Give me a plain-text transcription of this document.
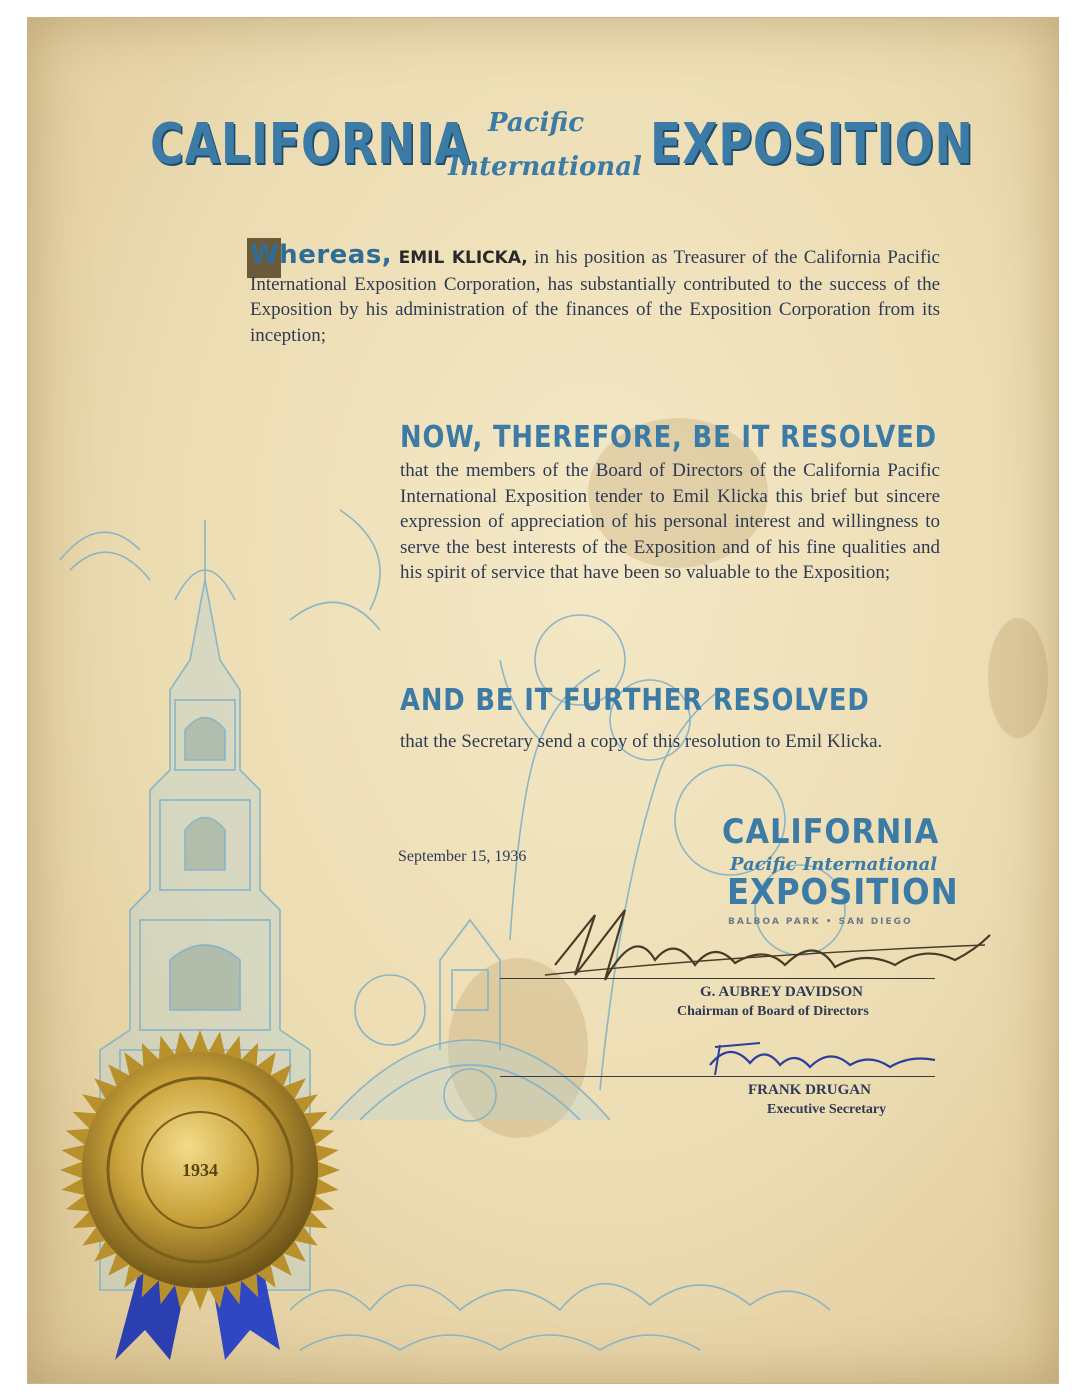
CALIFORNIA Pacific
International EXPOSITION
Whereas, EMIL KLICKA, in his position as Treasurer of the California Pacific International Exposition Corporation, has substantially contributed to the success of the Exposition by his administration of the finances of the Exposition Corporation from its inception;
NOW, THEREFORE, BE IT RESOLVED
that the members of the Board of Directors of the California Pacific International Exposition tender to Emil Klicka this brief but sincere expression of appreciation of his personal interest and willingness to serve the best interests of the Exposition and of his fine qualities and his spirit of service that have been so valuable to the Exposition;
AND BE IT FURTHER RESOLVED
that the Secretary send a copy of this resolution to Emil Klicka.
September 15, 1936
CALIFORNIA
Pacific International
EXPOSITION
BALBOA PARK • SAN DIEGO
G. AUBREY DAVIDSON
Chairman of Board of Directors
FRANK DRUGAN
Executive Secretary
1934
